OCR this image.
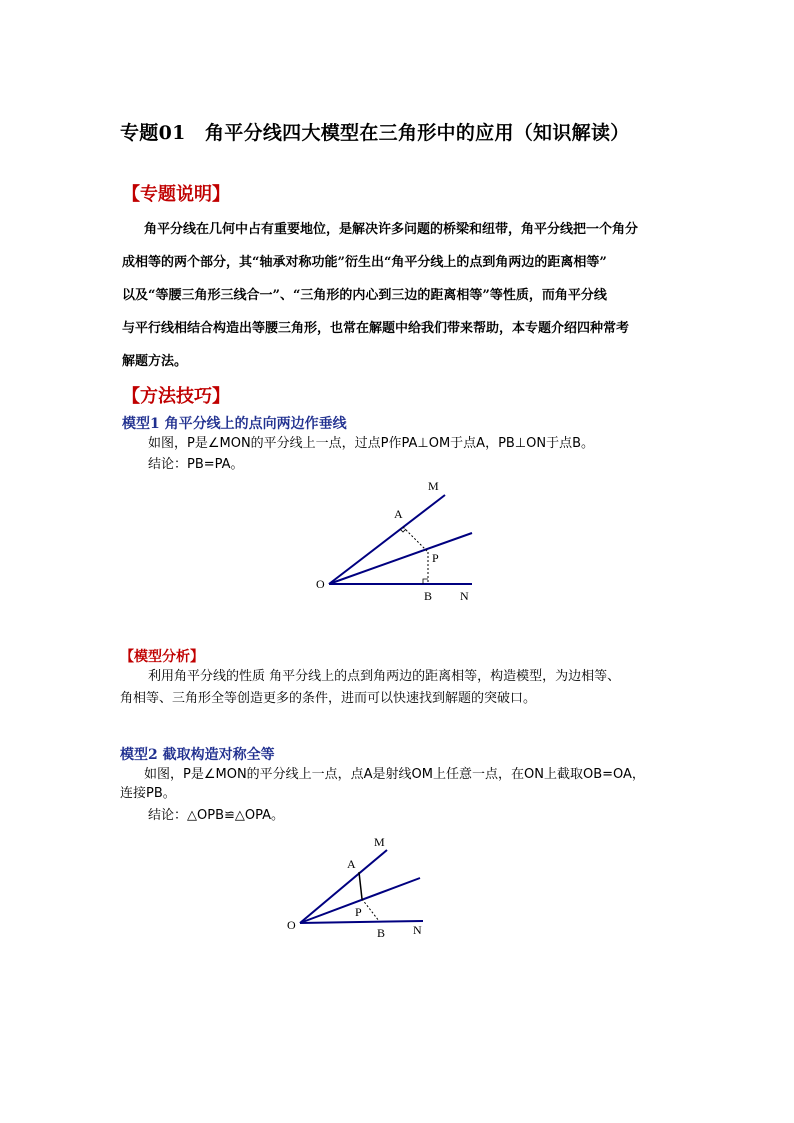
专题01　角平分线四大模型在三角形中的应用（知识解读）
【专题说明】
角平分线在几何中占有重要地位，是解决许多问题的桥梁和纽带，角平分线把一个角分
成相等的两个部分，其“轴承对称功能”衍生出“角平分线上的点到角两边的距离相等”
以及“等腰三角形三线合一”、“三角形的内心到三边的距离相等”等性质，而角平分线
与平行线相结合构造出等腰三角形，也常在解题中给我们带来帮助，本专题介绍四种常考
解题方法。
【方法技巧】
模型1 角平分线上的点向两边作垂线
如图，P是∠MON的平分线上一点，过点P作PA⊥OM于点A，PB⊥ON于点B。
结论：PB=PA。
M
A
P
O
B N
【模型分析】
利用角平分线的性质 角平分线上的点到角两边的距离相等，构造模型，为边相等、
角相等、三角形全等创造更多的条件，进而可以快速找到解题的突破口。
模型2 截取构造对称全等
如图，P是∠MON的平分线上一点，点A是射线OM上任意一点，在ON上截取OB=OA，
连接PB。
结论：△OPB≌△OPA。
M
A
P
O
B N
